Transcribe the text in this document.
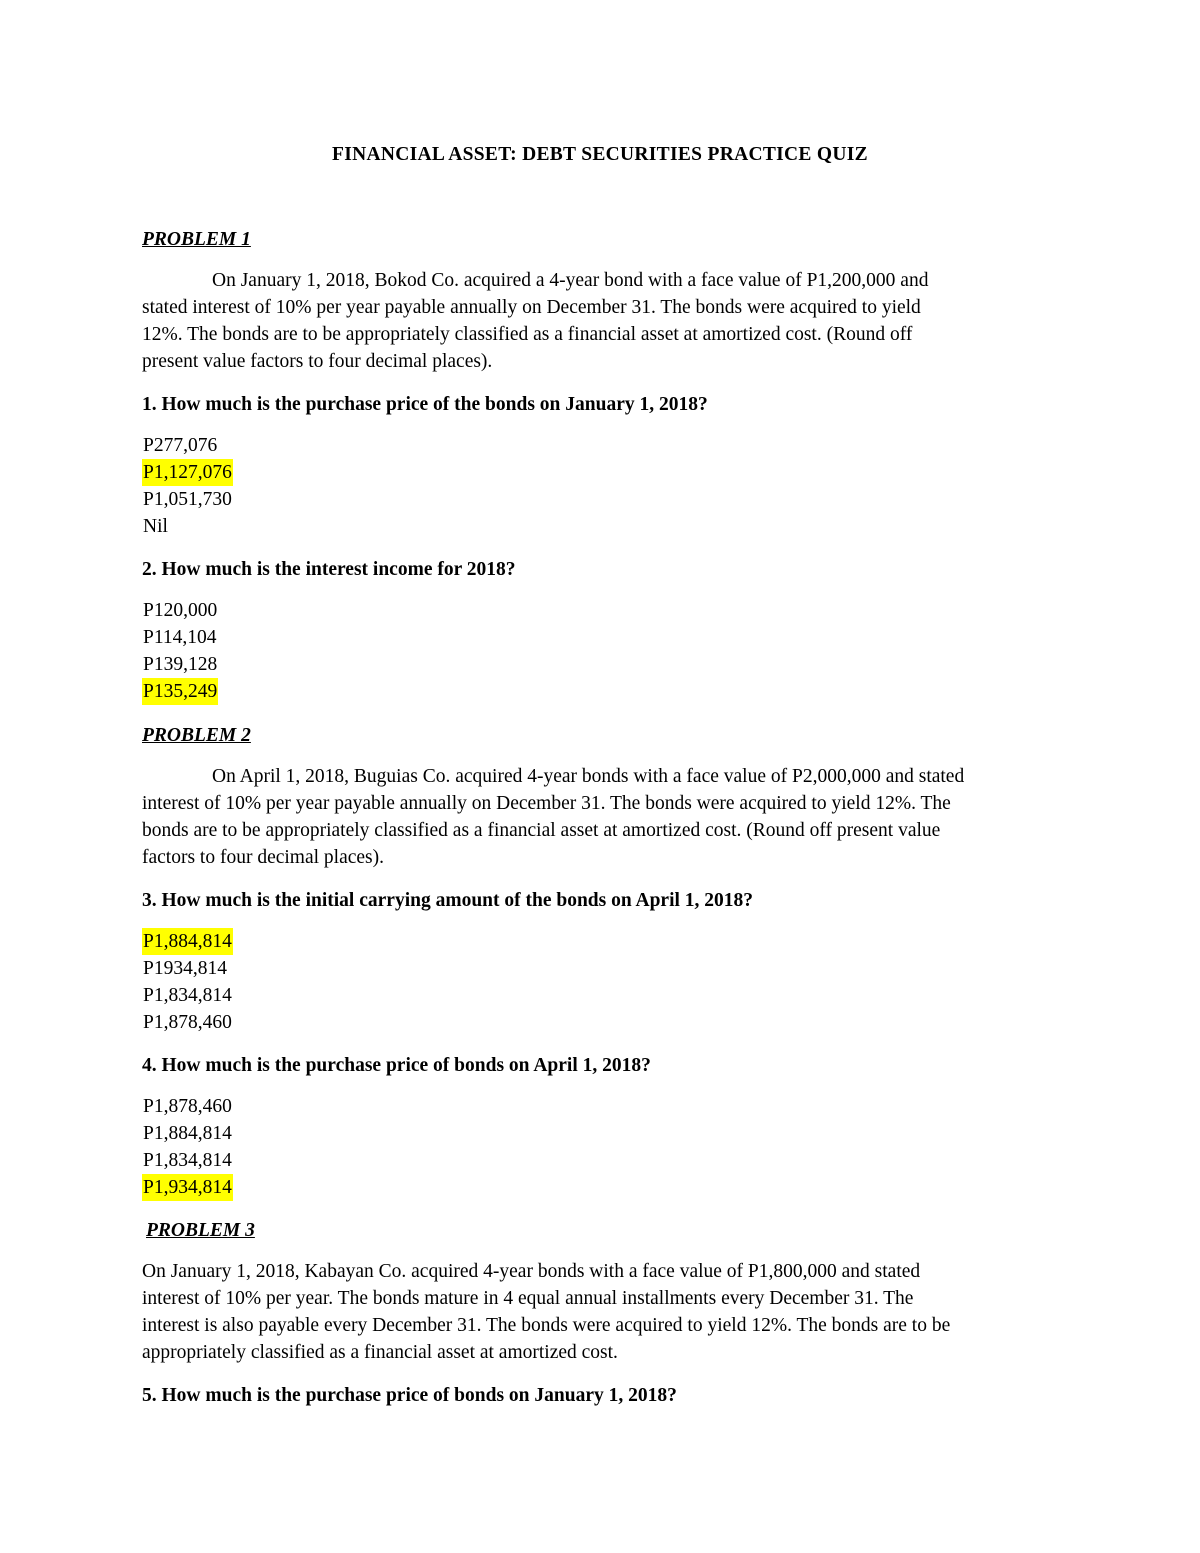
FINANCIAL ASSET: DEBT SECURITIES PRACTICE QUIZ
PROBLEM 1
On January 1, 2018, Bokod Co. acquired a 4-year bond with a face value of P1,200,000 and
stated interest of 10% per year payable annually on December 31. The bonds were acquired to yield
12%. The bonds are to be appropriately classified as a financial asset at amortized cost. (Round off
present value factors to four decimal places).
1. How much is the purchase price of the bonds on January 1, 2018?
P277,076
P1,127,076
P1,051,730
Nil
2. How much is the interest income for 2018?
P120,000
P114,104
P139,128
P135,249
PROBLEM 2
On April 1, 2018, Buguias Co. acquired 4-year bonds with a face value of P2,000,000 and stated
interest of 10% per year payable annually on December 31. The bonds were acquired to yield 12%. The
bonds are to be appropriately classified as a financial asset at amortized cost. (Round off present value
factors to four decimal places).
3. How much is the initial carrying amount of the bonds on April 1, 2018?
P1,884,814
P1934,814
P1,834,814
P1,878,460
4. How much is the purchase price of bonds on April 1, 2018?
P1,878,460
P1,884,814
P1,834,814
P1,934,814
PROBLEM 3
On January 1, 2018, Kabayan Co. acquired 4-year bonds with a face value of P1,800,000 and stated
interest of 10% per year. The bonds mature in 4 equal annual installments every December 31. The
interest is also payable every December 31. The bonds were acquired to yield 12%. The bonds are to be
appropriately classified as a financial asset at amortized cost.
5. How much is the purchase price of bonds on January 1, 2018?
